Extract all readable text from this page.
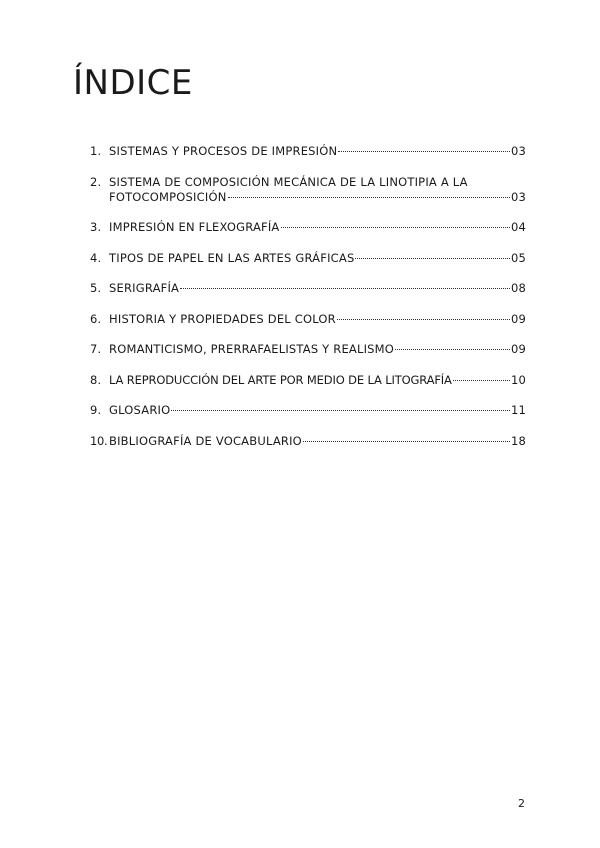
ÍNDICE
1. SISTEMAS Y PROCESOS DE IMPRESIÓN	03
2. SISTEMA DE COMPOSICIÓN MECÁNICA DE LA LINOTIPIA A LA
FOTOCOMPOSICIÓN	03
3. IMPRESIÓN EN FLEXOGRAFÍA	04
4. TIPOS DE PAPEL EN LAS ARTES GRÁFICAS	05
5. SERIGRAFÍA	08
6. HISTORIA Y PROPIEDADES DEL COLOR	09
7. ROMANTICISMO, PRERRAFAELISTAS Y REALISMO	09
8. LA REPRODUCCIÓN DEL ARTE POR MEDIO DE LA LITOGRAFÍA	10
9. GLOSARIO	11
10. BIBLIOGRAFÍA DE VOCABULARIO	18
2
